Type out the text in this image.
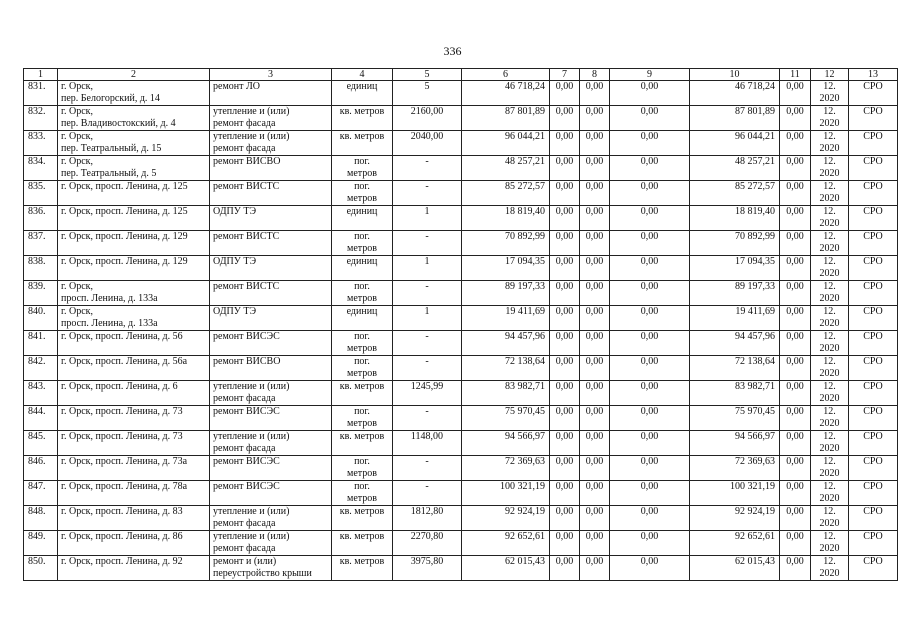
336
1	2	3	4	5	6	7	8	9	10	11	12	13
831.	г. Орск,
пер. Белогорский, д. 14	ремонт ЛО	единиц	5	46 718,24	0,00	0,00	0,00	46 718,24	0,00	12.
2020	СРО
832.	г. Орск,
пер. Владивостокский, д. 4	утепление и (или)
ремонт фасада	кв. метров	2160,00	87 801,89	0,00	0,00	0,00	87 801,89	0,00	12.
2020	СРО
833.	г. Орск,
пер. Театральный, д. 15	утепление и (или)
ремонт фасада	кв. метров	2040,00	96 044,21	0,00	0,00	0,00	96 044,21	0,00	12.
2020	СРО
834.	г. Орск,
пер. Театральный, д. 5	ремонт ВИСВО	пог.
метров	-	48 257,21	0,00	0,00	0,00	48 257,21	0,00	12.
2020	СРО
835.	г. Орск, просп. Ленина, д. 125	ремонт ВИСТС	пог.
метров	-	85 272,57	0,00	0,00	0,00	85 272,57	0,00	12.
2020	СРО
836.	г. Орск, просп. Ленина, д. 125	ОДПУ ТЭ	единиц	1	18 819,40	0,00	0,00	0,00	18 819,40	0,00	12.
2020	СРО
837.	г. Орск, просп. Ленина, д. 129	ремонт ВИСТС	пог.
метров	-	70 892,99	0,00	0,00	0,00	70 892,99	0,00	12.
2020	СРО
838.	г. Орск, просп. Ленина, д. 129	ОДПУ ТЭ	единиц	1	17 094,35	0,00	0,00	0,00	17 094,35	0,00	12.
2020	СРО
839.	г. Орск,
просп. Ленина, д. 133а	ремонт ВИСТС	пог.
метров	-	89 197,33	0,00	0,00	0,00	89 197,33	0,00	12.
2020	СРО
840.	г. Орск,
просп. Ленина, д. 133а	ОДПУ ТЭ	единиц	1	19 411,69	0,00	0,00	0,00	19 411,69	0,00	12.
2020	СРО
841.	г. Орск, просп. Ленина, д. 56	ремонт ВИСЭС	пог.
метров	-	94 457,96	0,00	0,00	0,00	94 457,96	0,00	12.
2020	СРО
842.	г. Орск, просп. Ленина, д. 56а	ремонт ВИСВО	пог.
метров	-	72 138,64	0,00	0,00	0,00	72 138,64	0,00	12.
2020	СРО
843.	г. Орск, просп. Ленина, д. 6	утепление и (или)
ремонт фасада	кв. метров	1245,99	83 982,71	0,00	0,00	0,00	83 982,71	0,00	12.
2020	СРО
844.	г. Орск, просп. Ленина, д. 73	ремонт ВИСЭС	пог.
метров	-	75 970,45	0,00	0,00	0,00	75 970,45	0,00	12.
2020	СРО
845.	г. Орск, просп. Ленина, д. 73	утепление и (или)
ремонт фасада	кв. метров	1148,00	94 566,97	0,00	0,00	0,00	94 566,97	0,00	12.
2020	СРО
846.	г. Орск, просп. Ленина, д. 73а	ремонт ВИСЭС	пог.
метров	-	72 369,63	0,00	0,00	0,00	72 369,63	0,00	12.
2020	СРО
847.	г. Орск, просп. Ленина, д. 78а	ремонт ВИСЭС	пог.
метров	-	100 321,19	0,00	0,00	0,00	100 321,19	0,00	12.
2020	СРО
848.	г. Орск, просп. Ленина, д. 83	утепление и (или)
ремонт фасада	кв. метров	1812,80	92 924,19	0,00	0,00	0,00	92 924,19	0,00	12.
2020	СРО
849.	г. Орск, просп. Ленина, д. 86	утепление и (или)
ремонт фасада	кв. метров	2270,80	92 652,61	0,00	0,00	0,00	92 652,61	0,00	12.
2020	СРО
850.	г. Орск, просп. Ленина, д. 92	ремонт и (или)
переустройство крыши	кв. метров	3975,80	62 015,43	0,00	0,00	0,00	62 015,43	0,00	12.
2020	СРО
